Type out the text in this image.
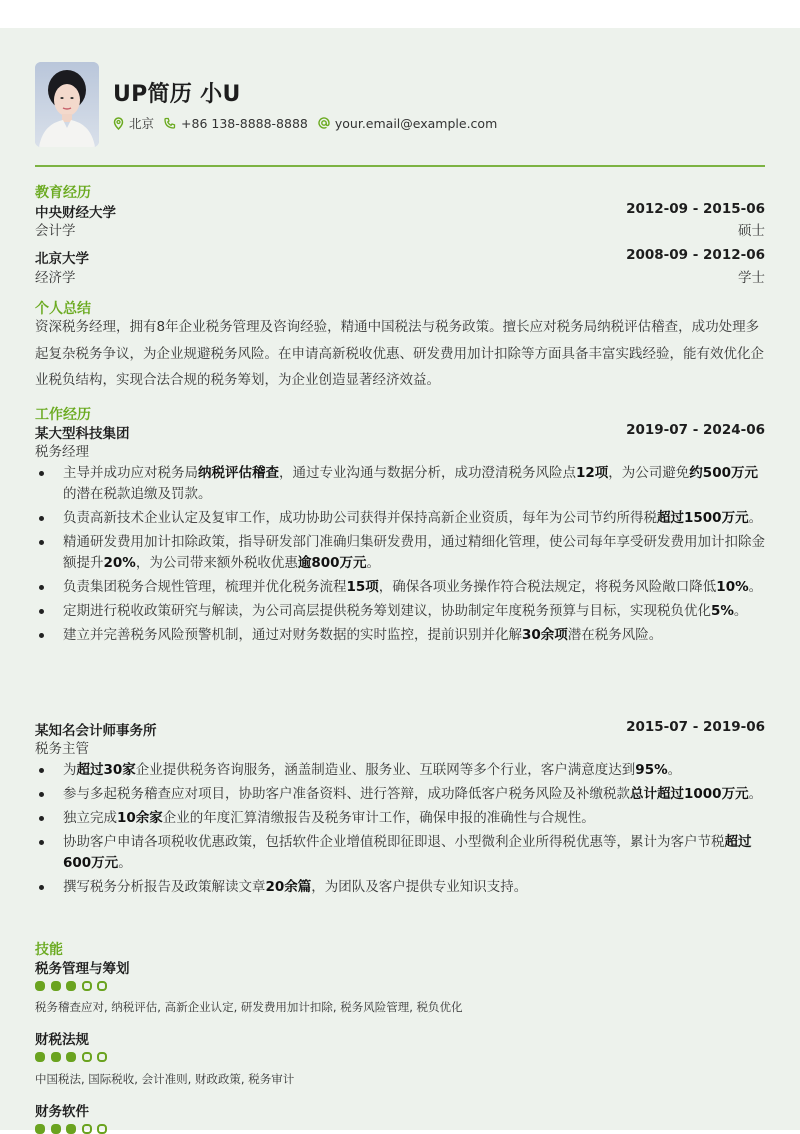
UP简历 小U
北京 +86 138-8888-8888 your.email@example.com
教育经历
中央财经大学	2012-09 - 2015-06
会计学	硕士
北京大学	2008-09 - 2012-06
经济学	学士
个人总结
资深税务经理，拥有8年企业税务管理及咨询经验，精通中国税法与税务政策。擅长应对税务局纳税评估稽查，成功处理多起复杂税务争议，为企业规避税务风险。在申请高新税收优惠、研发费用加计扣除等方面具备丰富实践经验，能有效优化企业税负结构，实现合法合规的税务筹划，为企业创造显著经济效益。
工作经历
某大型科技集团	2019-07 - 2024-06
税务经理
主导并成功应对税务局纳税评估稽查，通过专业沟通与数据分析，成功澄清税务风险点12项，为公司避免约500万元的潜在税款追缴及罚款。
负责高新技术企业认定及复审工作，成功协助公司获得并保持高新企业资质，每年为公司节约所得税超过1500万元。
精通研发费用加计扣除政策，指导研发部门准确归集研发费用，通过精细化管理，使公司每年享受研发费用加计扣除金额提升20%，为公司带来额外税收优惠逾800万元。
负责集团税务合规性管理，梳理并优化税务流程15项，确保各项业务操作符合税法规定，将税务风险敞口降低10%。
定期进行税收政策研究与解读，为公司高层提供税务筹划建议，协助制定年度税务预算与目标，实现税负优化5%。
建立并完善税务风险预警机制，通过对财务数据的实时监控，提前识别并化解30余项潜在税务风险。
某知名会计师事务所	2015-07 - 2019-06
税务主管
为超过30家企业提供税务咨询服务，涵盖制造业、服务业、互联网等多个行业，客户满意度达到95%。
参与多起税务稽查应对项目，协助客户准备资料、进行答辩，成功降低客户税务风险及补缴税款总计超过1000万元。
独立完成10余家企业的年度汇算清缴报告及税务审计工作，确保申报的准确性与合规性。
协助客户申请各项税收优惠政策，包括软件企业增值税即征即退、小型微利企业所得税优惠等，累计为客户节税超过600万元。
撰写税务分析报告及政策解读文章20余篇，为团队及客户提供专业知识支持。
技能
税务管理与筹划
税务稽查应对, 纳税评估, 高新企业认定, 研发费用加计扣除, 税务风险管理, 税负优化
财税法规
中国税法, 国际税收, 会计准则, 财政政策, 税务审计
财务软件
